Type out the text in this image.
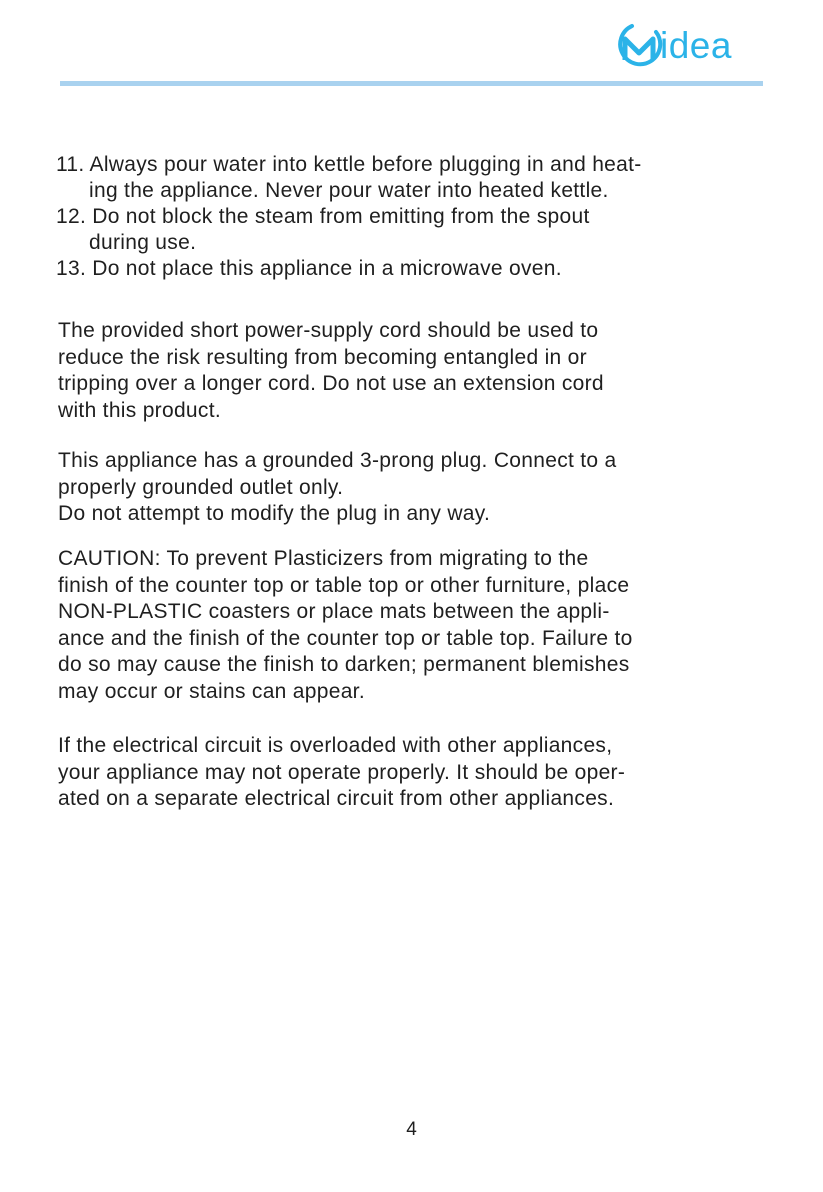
idea
11. Always pour water into kettle before plugging in and heat-
ing the appliance. Never pour water into heated kettle.
12. Do not block the steam from emitting from the spout
during use.
13. Do not place this appliance in a microwave oven.
The provided short power-supply cord should be used to
reduce the risk resulting from becoming entangled in or
tripping over a longer cord. Do not use an extension cord
with this product.
This appliance has a grounded 3-prong plug. Connect to a
properly grounded outlet only.
Do not attempt to modify the plug in any way.
CAUTION: To prevent Plasticizers from migrating to the
finish of the counter top or table top or other furniture, place
NON-PLASTIC coasters or place mats between the appli-
ance and the finish of the counter top or table top. Failure to
do so may cause the finish to darken; permanent blemishes
may occur or stains can appear.
If the electrical circuit is overloaded with other appliances,
your appliance may not operate properly. It should be oper-
ated on a separate electrical circuit from other appliances.
4
